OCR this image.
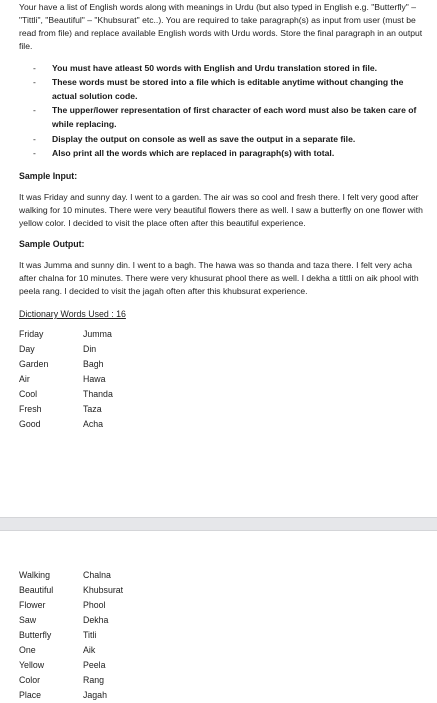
Your have a list of English words along with meanings in Urdu (but also typed in English e.g. "Butterfly" – "Tittli", "Beautiful" – "Khubsurat" etc..). You are required to take paragraph(s) as input from user (must be read from file) and replace available English words with Urdu words. Store the final paragraph in an output file.

- You must have atleast 50 words with English and Urdu translation stored in file.
- These words must be stored into a file which is editable anytime without changing the actual solution code.
- The upper/lower representation of first character of each word must also be taken care of while replacing.
- Display the output on console as well as save the output in a separate file.
- Also print all the words which are replaced in paragraph(s) with total.

Sample Input:

It was Friday and sunny day. I went to a garden. The air was so cool and fresh there. I felt very good after walking for 10 minutes. There were very beautiful flowers there as well. I saw a butterfly on one flower with yellow color. I decided to visit the place often after this beautiful experience.

Sample Output:

It was Jumma and sunny din. I went to a bagh. The hawa was so thanda and taza there. I felt very acha after chalna for 10 minutes. There were very khusurat phool there as well. I dekha a tittli on aik phool with peela rang. I decided to visit the jagah often after this khubsurat experience.

Dictionary Words Used : 16

Friday	Jumma
Day	Din
Garden	Bagh
Air	Hawa
Cool	Thanda
Fresh	Taza
Good	Acha
Walking	Chalna
Beautiful	Khubsurat
Flower	Phool
Saw	Dekha
Butterfly	Titli
One	Aik
Yellow	Peela
Color	Rang
Place	Jagah
